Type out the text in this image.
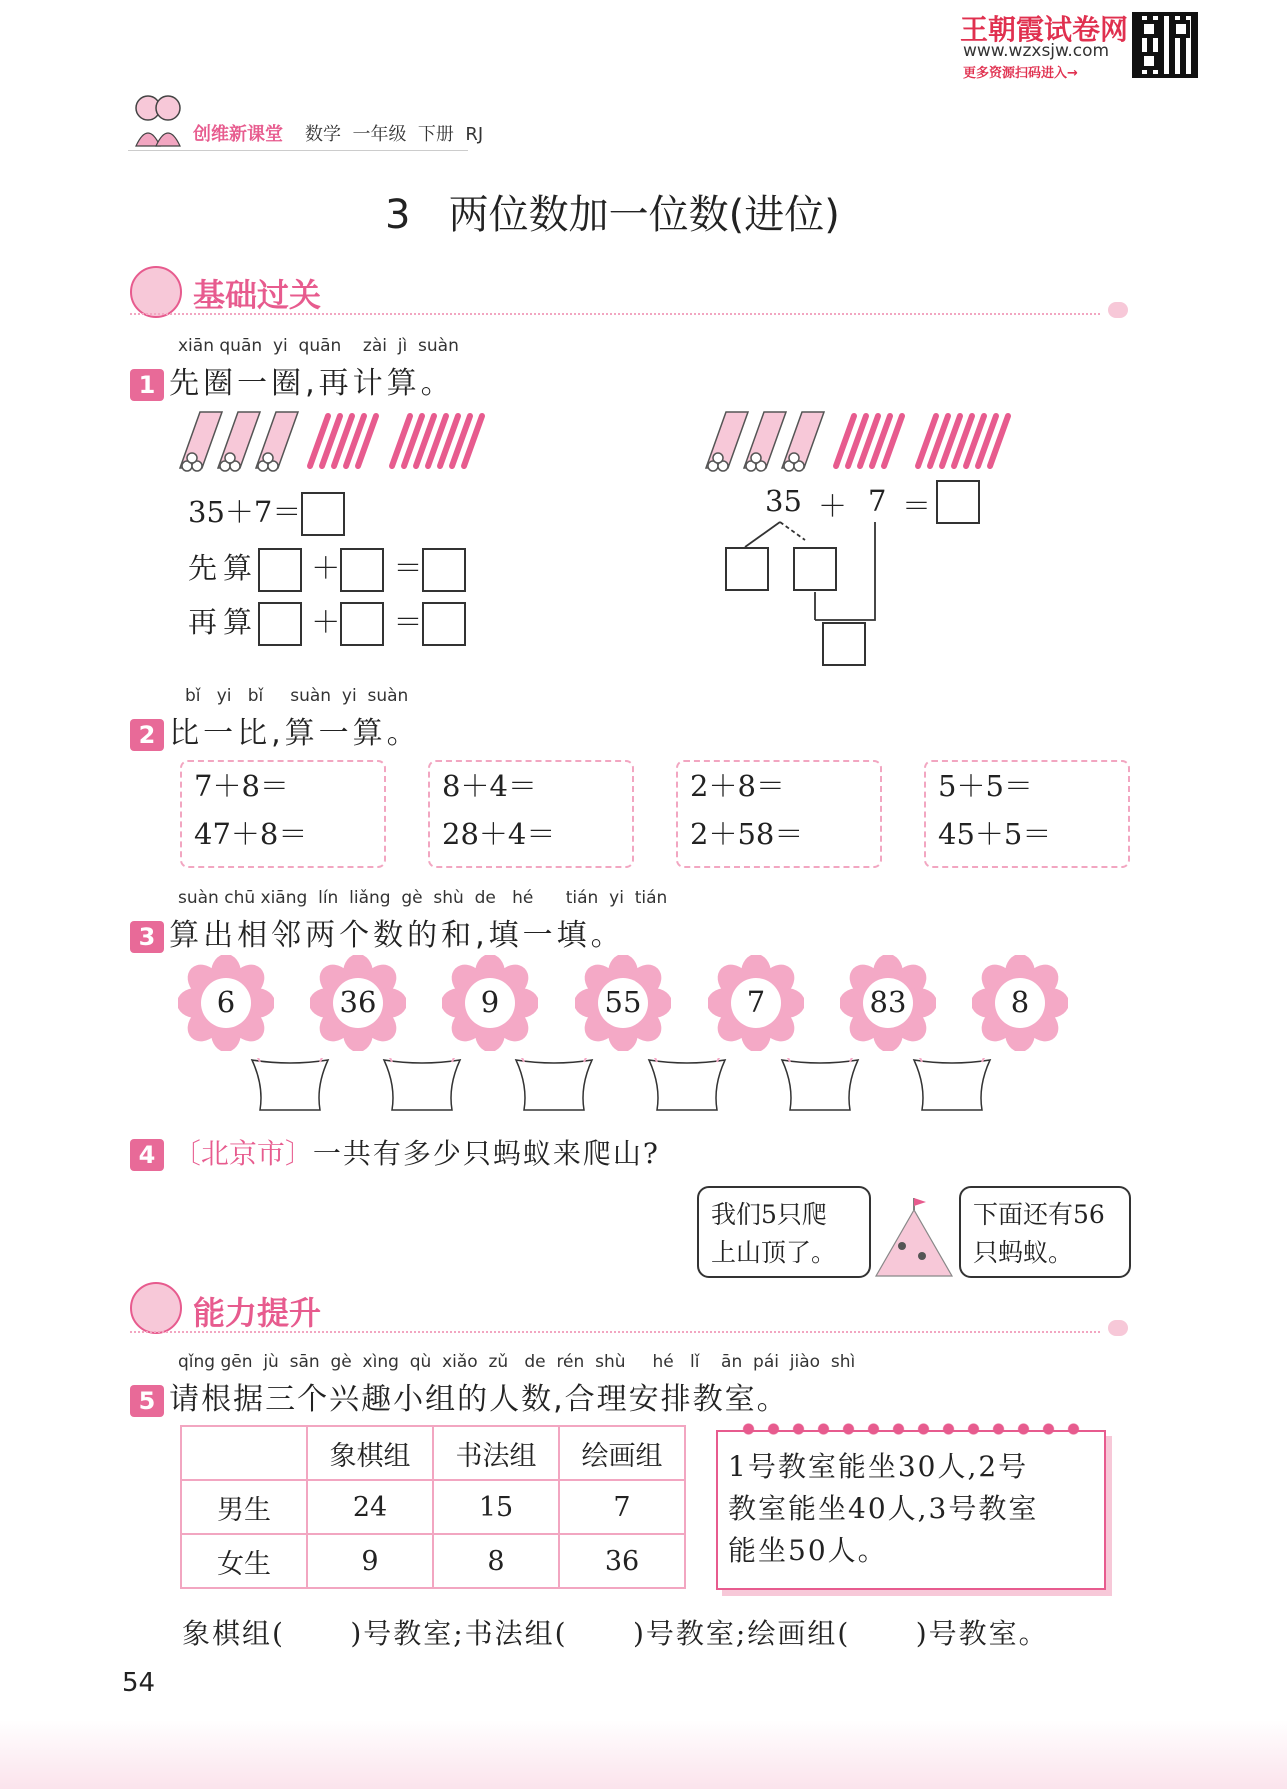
王朝霞试卷网
www.wzxsjw.com
更多资源扫码进入→
创维新课堂 数学  一年级  下册  RJ
3   两位数加一位数(进位)
基础过关
xiān quān  yi  quān    zài  jì  suàn
1 先圈一圈,再计算。
35＋7＝
先算 ＋ ＝
再算 ＋ ＝
35 ＋ 7 ＝
bǐ   yi   bǐ     suàn  yi  suàn
2 比一比,算一算。
7＋8＝
47＋8＝
8＋4＝
28＋4＝
2＋8＝
2＋58＝
5＋5＝
45＋5＝
suàn chū xiāng  lín  liǎng  gè  shù  de   hé      tián  yi  tián
3 算出相邻两个数的和,填一填。
6	36	9	55	7	83	8
4 〔北京市〕一共有多少只蚂蚁来爬山?
我们5只爬
上山顶了。
下面还有56
只蚂蚁。
能力提升
qǐng gēn  jù  sān  gè  xìng  qù  xiǎo  zǔ   de  rén  shù     hé   lǐ    ān  pái  jiào  shì
5 请根据三个兴趣小组的人数,合理安排教室。
	象棋组	书法组	绘画组
男生	24	15	7
女生	9	8	36
1号教室能坐30人,2号
教室能坐40人,3号教室
能坐50人。
象棋组(      )号教室;书法组(      )号教室;绘画组(      )号教室。
54
